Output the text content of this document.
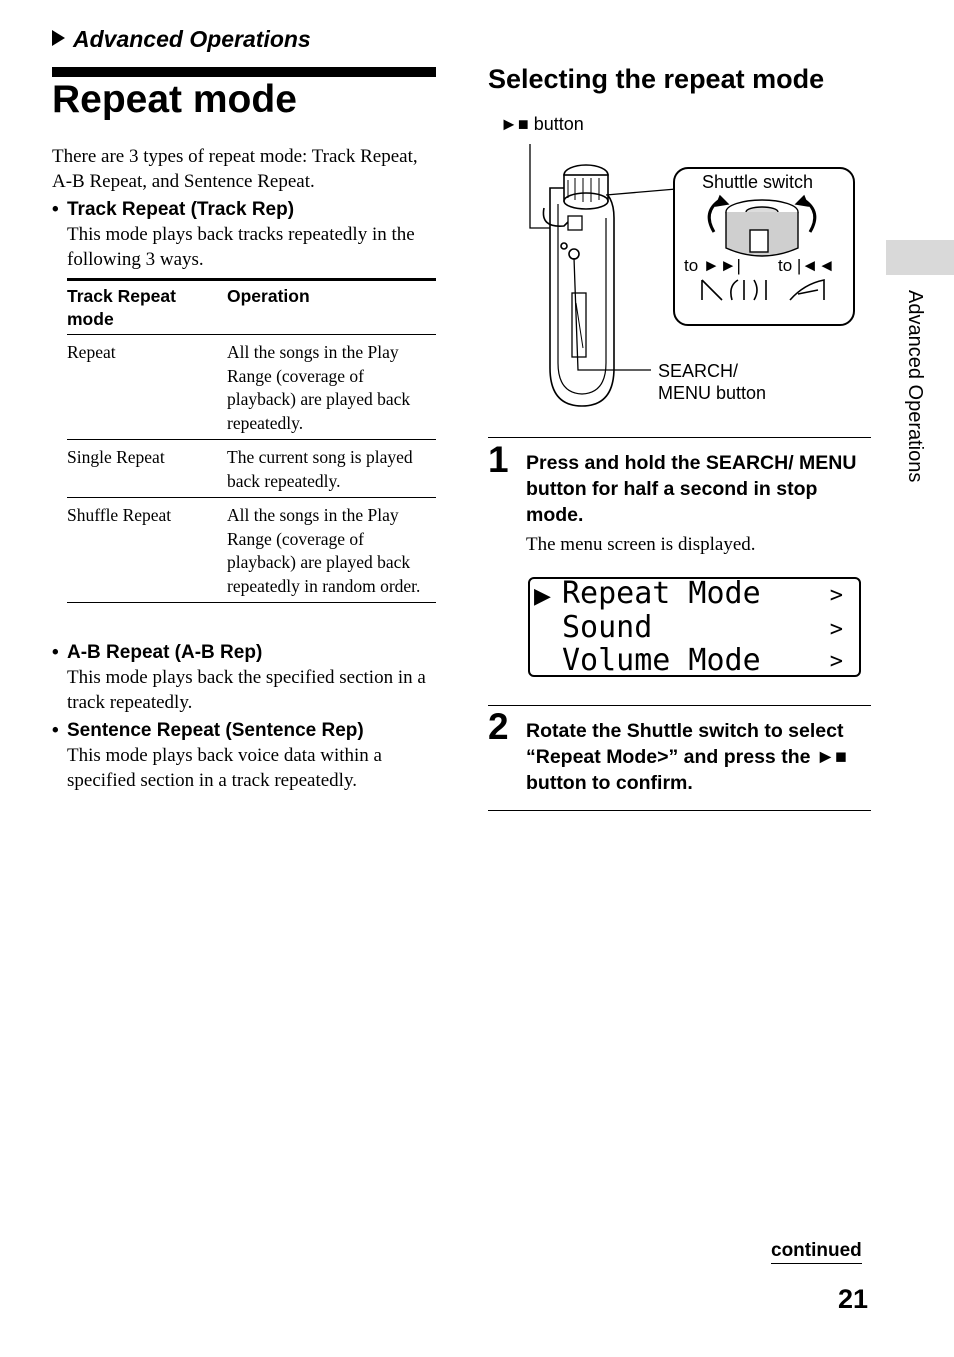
Advanced Operations
Repeat mode
There are 3 types of repeat mode: Track Repeat, A-B Repeat, and Sentence Repeat.
• Track Repeat (Track Rep)
This mode plays back tracks repeatedly in the following 3 ways.
Track Repeat mode	Operation
Repeat	All the songs in the Play Range (coverage of playback) are played back repeatedly.
Single Repeat	The current song is played back repeatedly.
Shuffle Repeat	All the songs in the Play Range (coverage of playback) are played back repeatedly in random order.
• A-B Repeat (A-B Rep)
This mode plays back the specified section in a track repeatedly.
• Sentence Repeat (Sentence Rep)
This mode plays back voice data within a specified section in a track repeatedly.
Selecting the repeat mode
►■ button
Shuttle switch
to ►►| to |◄◄
SEARCH/
MENU button
1 Press and hold the SEARCH/ MENU button for half a second in stop mode.
The menu screen is displayed.
▶ Repeat Mode	>
Sound	>
Volume Mode	>
2 Rotate the Shuttle switch to select “Repeat Mode>” and press the ►■ button to confirm.
Advanced Operations
continued
21
